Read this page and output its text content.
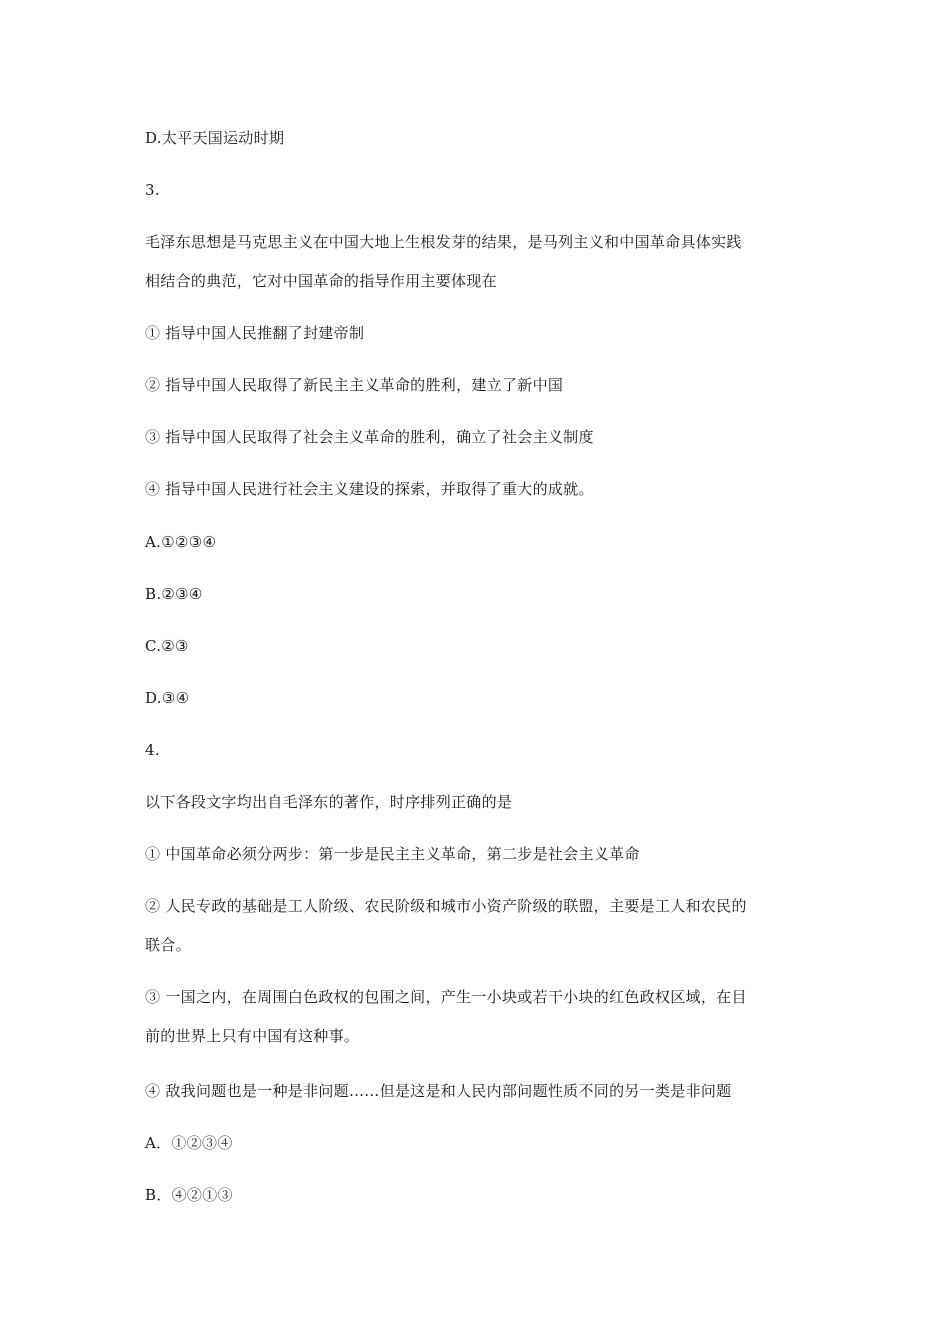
D.太平天国运动时期
3.
毛泽东思想是马克思主义在中国大地上生根发芽的结果，是马列主义和中国革命具体实践
相结合的典范，它对中国革命的指导作用主要体现在
① 指导中国人民推翻了封建帝制
② 指导中国人民取得了新民主主义革命的胜利，建立了新中国
③ 指导中国人民取得了社会主义革命的胜利，确立了社会主义制度
④ 指导中国人民进行社会主义建设的探索，并取得了重大的成就。
A.①②③④
B.②③④
C.②③
D.③④
4.
以下各段文字均出自毛泽东的著作，时序排列正确的是
① 中国革命必须分两步：第一步是民主主义革命，第二步是社会主义革命
② 人民专政的基础是工人阶级、农民阶级和城市小资产阶级的联盟，主要是工人和农民的
联合。
③ 一国之内，在周围白色政权的包围之间，产生一小块或若干小块的红色政权区域，在目
前的世界上只有中国有这种事。
④ 敌我问题也是一种是非问题……但是这是和人民内部问题性质不同的另一类是非问题
A．①②③④
B．④②①③
